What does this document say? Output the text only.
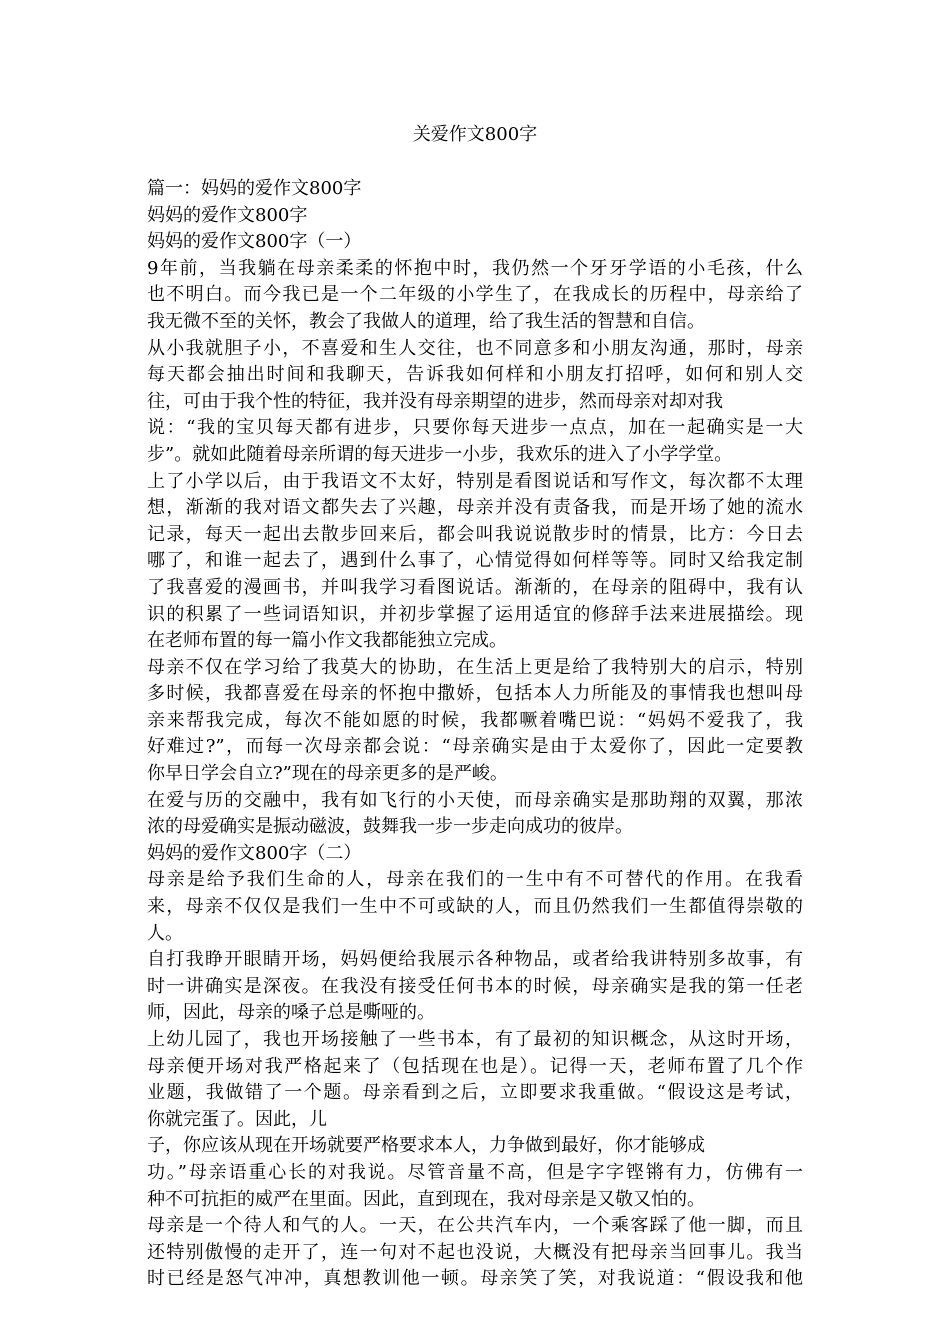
关爱作文800字
篇一：妈妈的爱作文800字
妈妈的爱作文800字
妈妈的爱作文800字（一）
9年前，当我躺在母亲柔柔的怀抱中时，我仍然一个牙牙学语的小毛孩，什么
也不明白。而今我已是一个二年级的小学生了，在我成长的历程中，母亲给了
我无微不至的关怀，教会了我做人的道理，给了我生活的智慧和自信。
从小我就胆子小，不喜爱和生人交往，也不同意多和小朋友沟通，那时，母亲
每天都会抽出时间和我聊天，告诉我如何样和小朋友打招呼，如何和别人交
往，可由于我个性的特征，我并没有母亲期望的进步，然而母亲对却对我
说：“我的宝贝每天都有进步，只要你每天进步一点点，加在一起确实是一大
步”。就如此随着母亲所谓的每天进步一小步，我欢乐的进入了小学学堂。
上了小学以后，由于我语文不太好，特别是看图说话和写作文，每次都不太理
想，渐渐的我对语文都失去了兴趣，母亲并没有责备我，而是开场了她的流水
记录，每天一起出去散步回来后，都会叫我说说散步时的情景，比方：今日去
哪了，和谁一起去了，遇到什么事了，心情觉得如何样等等。同时又给我定制
了我喜爱的漫画书，并叫我学习看图说话。渐渐的，在母亲的阻碍中，我有认
识的积累了一些词语知识，并初步掌握了运用适宜的修辞手法来进展描绘。现
在老师布置的每一篇小作文我都能独立完成。
母亲不仅在学习给了我莫大的协助，在生活上更是给了我特别大的启示，特别
多时候，我都喜爱在母亲的怀抱中撒娇，包括本人力所能及的事情我也想叫母
亲来帮我完成，每次不能如愿的时候，我都噘着嘴巴说：“妈妈不爱我了，我
好难过?”，而每一次母亲都会说：“母亲确实是由于太爱你了，因此一定要教
你早日学会自立?”现在的母亲更多的是严峻。
在爱与历的交融中，我有如飞行的小天使，而母亲确实是那助翔的双翼，那浓
浓的母爱确实是振动磁波，鼓舞我一步一步走向成功的彼岸。
妈妈的爱作文800字（二）
母亲是给予我们生命的人，母亲在我们的一生中有不可替代的作用。在我看
来，母亲不仅仅是我们一生中不可或缺的人，而且仍然我们一生都值得崇敬的
人。
自打我睁开眼睛开场，妈妈便给我展示各种物品，或者给我讲特别多故事，有
时一讲确实是深夜。在我没有接受任何书本的时候，母亲确实是我的第一任老
师，因此，母亲的嗓子总是嘶哑的。
上幼儿园了，我也开场接触了一些书本，有了最初的知识概念，从这时开场，
母亲便开场对我严格起来了（包括现在也是）。记得一天，老师布置了几个作
业题，我做错了一个题。母亲看到之后，立即要求我重做。“假设这是考试，
你就完蛋了。因此，儿
子，你应该从现在开场就要严格要求本人，力争做到最好，你才能够成
功。”母亲语重心长的对我说。尽管音量不高，但是字字铿锵有力，仿佛有一
种不可抗拒的威严在里面。因此，直到现在，我对母亲是又敬又怕的。
母亲是一个待人和气的人。一天，在公共汽车内，一个乘客踩了他一脚，而且
还特别傲慢的走开了，连一句对不起也没说，大概没有把母亲当回事儿。我当
时已经是怒气冲冲，真想教训他一顿。母亲笑了笑，对我说道：“假设我和他
